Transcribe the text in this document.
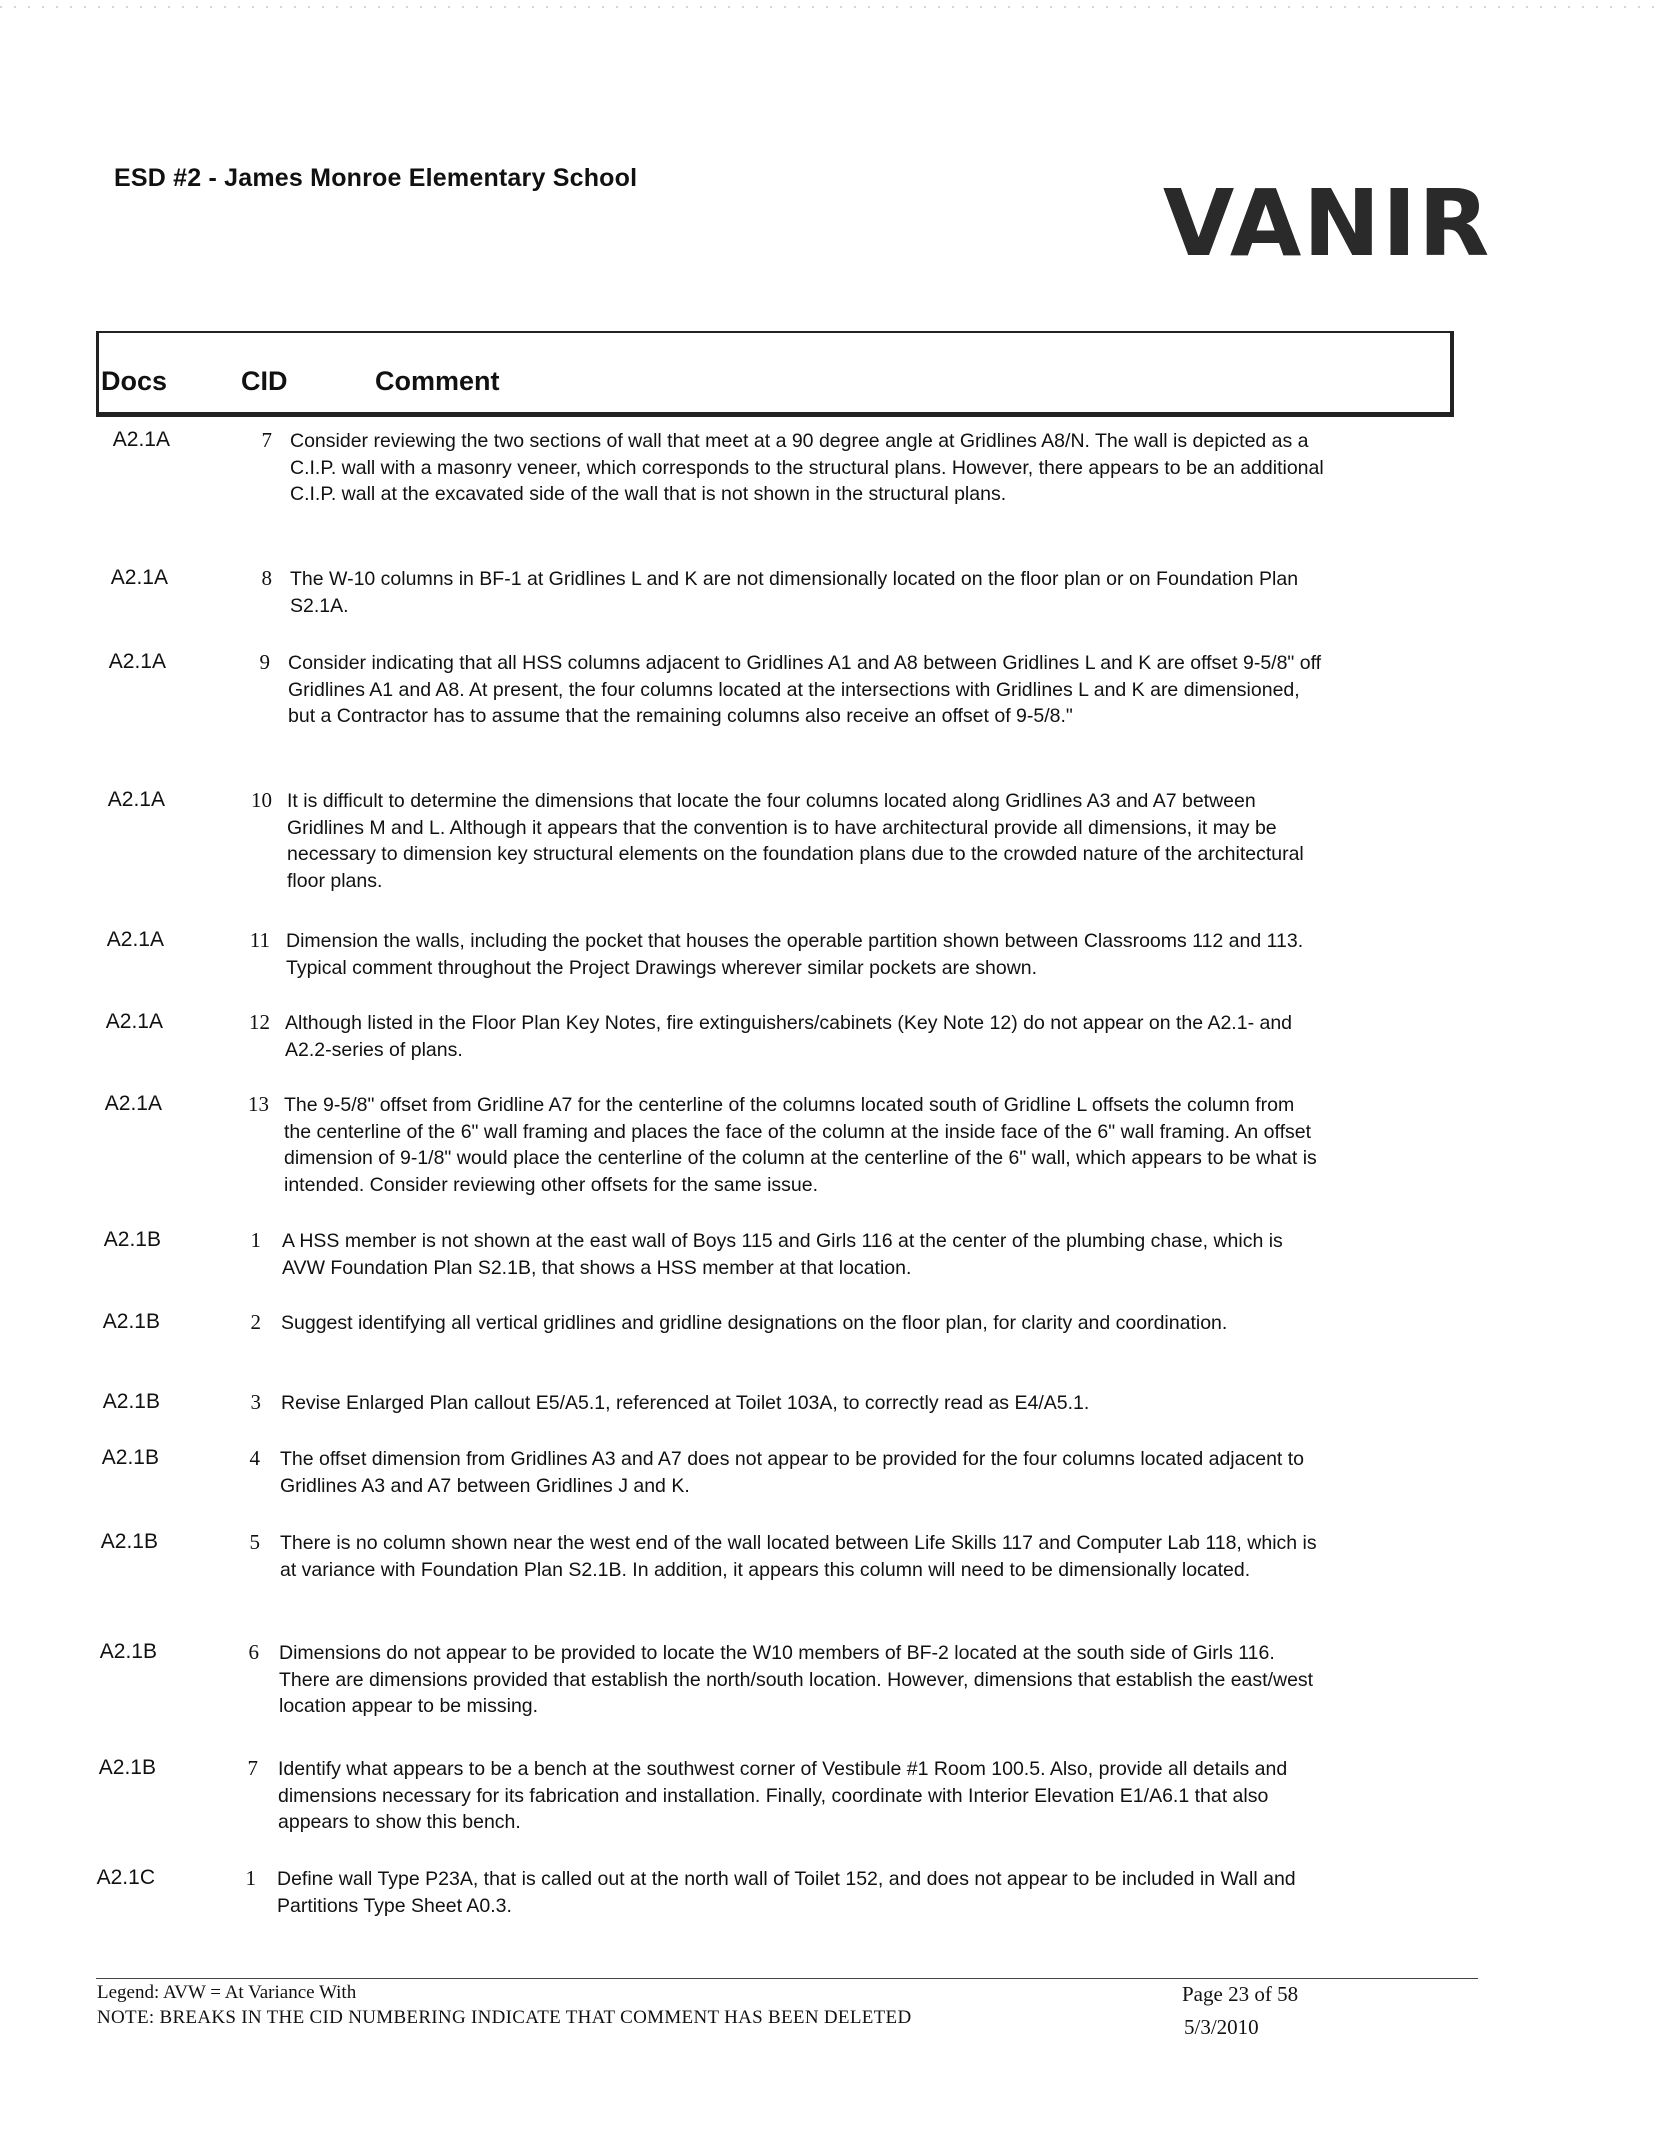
ESD #2 - James Monroe Elementary School	VANIR
Docs	CID	Comment
A2.1A	7 Consider reviewing the two sections of wall that meet at a 90 degree angle at Gridlines A8/N. The wall is depicted as a C.I.P. wall with a masonry veneer, which corresponds to the structural plans. However, there appears to be an additional C.I.P. wall at the excavated side of the wall that is not shown in the structural plans.
A2.1A	8 The W-10 columns in BF-1 at Gridlines L and K are not dimensionally located on the floor plan or on Foundation Plan S2.1A.
A2.1A	9 Consider indicating that all HSS columns adjacent to Gridlines A1 and A8 between Gridlines L and K are offset 9-5/8" off Gridlines A1 and A8. At present, the four columns located at the intersections with Gridlines L and K are dimensioned, but a Contractor has to assume that the remaining columns also receive an offset of 9-5/8."
A2.1A	10 It is difficult to determine the dimensions that locate the four columns located along Gridlines A3 and A7 between Gridlines M and L. Although it appears that the convention is to have architectural provide all dimensions, it may be necessary to dimension key structural elements on the foundation plans due to the crowded nature of the architectural floor plans.
A2.1A	11 Dimension the walls, including the pocket that houses the operable partition shown between Classrooms 112 and 113. Typical comment throughout the Project Drawings wherever similar pockets are shown.
A2.1A	12 Although listed in the Floor Plan Key Notes, fire extinguishers/cabinets (Key Note 12) do not appear on the A2.1- and A2.2-series of plans.
A2.1A	13 The 9-5/8" offset from Gridline A7 for the centerline of the columns located south of Gridline L offsets the column from the centerline of the 6" wall framing and places the face of the column at the inside face of the 6" wall framing. An offset dimension of 9-1/8" would place the centerline of the column at the centerline of the 6" wall, which appears to be what is intended. Consider reviewing other offsets for the same issue.
A2.1B	1 A HSS member is not shown at the east wall of Boys 115 and Girls 116 at the center of the plumbing chase, which is AVW Foundation Plan S2.1B, that shows a HSS member at that location.
A2.1B	2 Suggest identifying all vertical gridlines and gridline designations on the floor plan, for clarity and coordination.
A2.1B	3 Revise Enlarged Plan callout E5/A5.1, referenced at Toilet 103A, to correctly read as E4/A5.1.
A2.1B	4 The offset dimension from Gridlines A3 and A7 does not appear to be provided for the four columns located adjacent to Gridlines A3 and A7 between Gridlines J and K.
A2.1B	5 There is no column shown near the west end of the wall located between Life Skills 117 and Computer Lab 118, which is at variance with Foundation Plan S2.1B. In addition, it appears this column will need to be dimensionally located.
A2.1B	6 Dimensions do not appear to be provided to locate the W10 members of BF-2 located at the south side of Girls 116. There are dimensions provided that establish the north/south location. However, dimensions that establish the east/west location appear to be missing.
A2.1B	7 Identify what appears to be a bench at the southwest corner of Vestibule #1 Room 100.5. Also, provide all details and dimensions necessary for its fabrication and installation. Finally, coordinate with Interior Elevation E1/A6.1 that also appears to show this bench.
A2.1C	1 Define wall Type P23A, that is called out at the north wall of Toilet 152, and does not appear to be included in Wall and Partitions Type Sheet A0.3.
Legend: AVW = At Variance With
NOTE: BREAKS IN THE CID NUMBERING INDICATE THAT COMMENT HAS BEEN DELETED
Page 23 of 58
5/3/2010
